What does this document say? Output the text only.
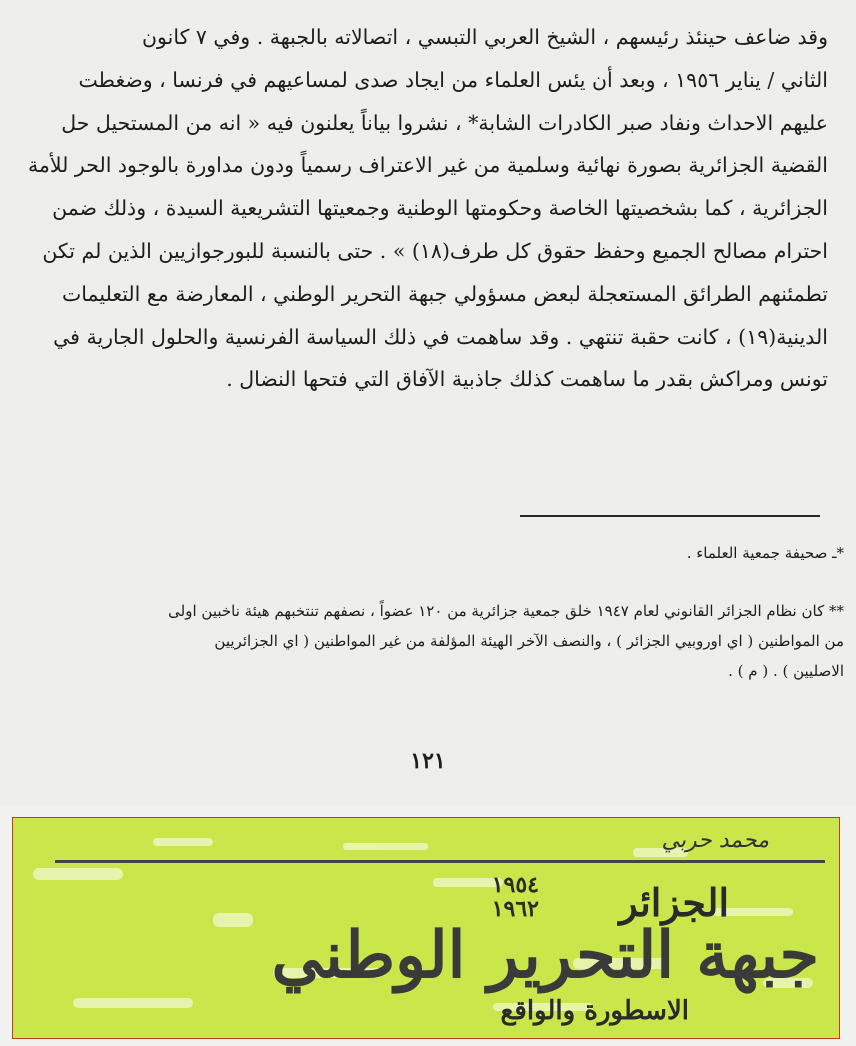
وقد ضاعف حينئذ رئيسهم ، الشيخ العربي التبسي ، اتصالاته بالجبهة . وفي ٧ كانون
الثاني / يناير ١٩٥٦ ، وبعد أن يئس العلماء من ايجاد صدى لمساعيهم في فرنسا ، وضغطت
عليهم الاحداث ونفاد صبر الكادرات الشابة* ، نشروا بياناً يعلنون فيه « انه من المستحيل حل
القضية الجزائرية بصورة نهائية وسلمية من غير الاعتراف رسمياً ودون مداورة بالوجود الحر للأمة
الجزائرية ، كما بشخصيتها الخاصة وحكومتها الوطنية وجمعيتها التشريعية السيدة ، وذلك ضمن
احترام مصالح الجميع وحفظ حقوق كل طرف(١٨) » . حتى بالنسبة للبورجوازيين الذين لم تكن
تطمئنهم الطرائق المستعجلة لبعض مسؤولي جبهة التحرير الوطني ، المعارضة مع التعليمات
الدينية(١٩) ، كانت حقبة تنتهي . وقد ساهمت في ذلك السياسة الفرنسية والحلول الجارية في
تونس ومراكش بقدر ما ساهمت كذلك جاذبية الآفاق التي فتحها النضال .
*ـ صحيفة جمعية العلماء .
** كان نظام الجزائر القانوني لعام ١٩٤٧ خلق جمعية جزائرية من ١٢٠ عضواً ، نصفهم تنتخبهم هيئة ناخبين اولى
من المواطنين ( اي اوروبيي الجزائر ) ، والنصف الآخر الهيئة المؤلفة من غير المواطنين ( اي الجزائريين
الاصليين ) . ( م ) .
١٢١
محمد حربي
الجزائر
١٩٥٤
١٩٦٢
جبهة التحرير الوطني
الاسطورة والواقع
